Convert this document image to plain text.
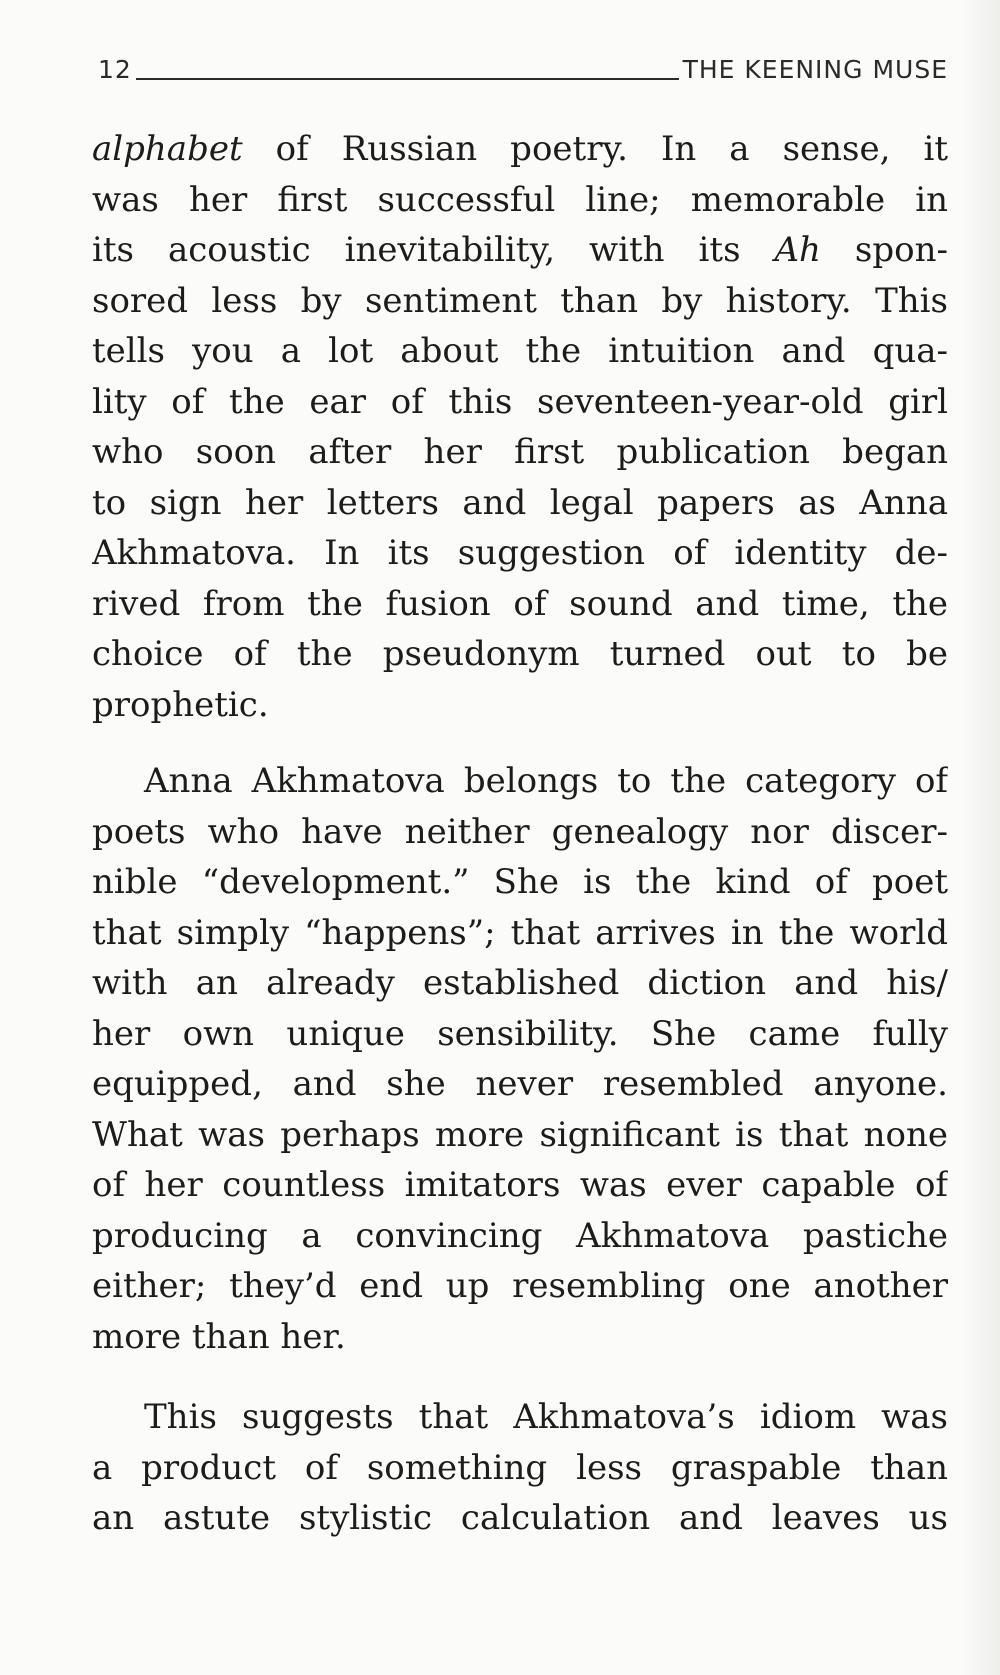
12	THE KEENING MUSE
alphabet of Russian poetry. In a sense, it
was her first successful line; memorable in
its acoustic inevitability, with its Ah spon-
sored less by sentiment than by history. This
tells you a lot about the intuition and qua-
lity of the ear of this seventeen-year-old girl
who soon after her first publication began
to sign her letters and legal papers as Anna
Akhmatova. In its suggestion of identity de-
rived from the fusion of sound and time, the
choice of the pseudonym turned out to be
prophetic.
Anna Akhmatova belongs to the category of
poets who have neither genealogy nor discer-
nible “development.” She is the kind of poet
that simply “happens”; that arrives in the world
with an already established diction and his/
her own unique sensibility. She came fully
equipped, and she never resembled anyone.
What was perhaps more significant is that none
of her countless imitators was ever capable of
producing a convincing Akhmatova pastiche
either; they’d end up resembling one another
more than her.
This suggests that Akhmatova’s idiom was
a product of something less graspable than
an astute stylistic calculation and leaves us
